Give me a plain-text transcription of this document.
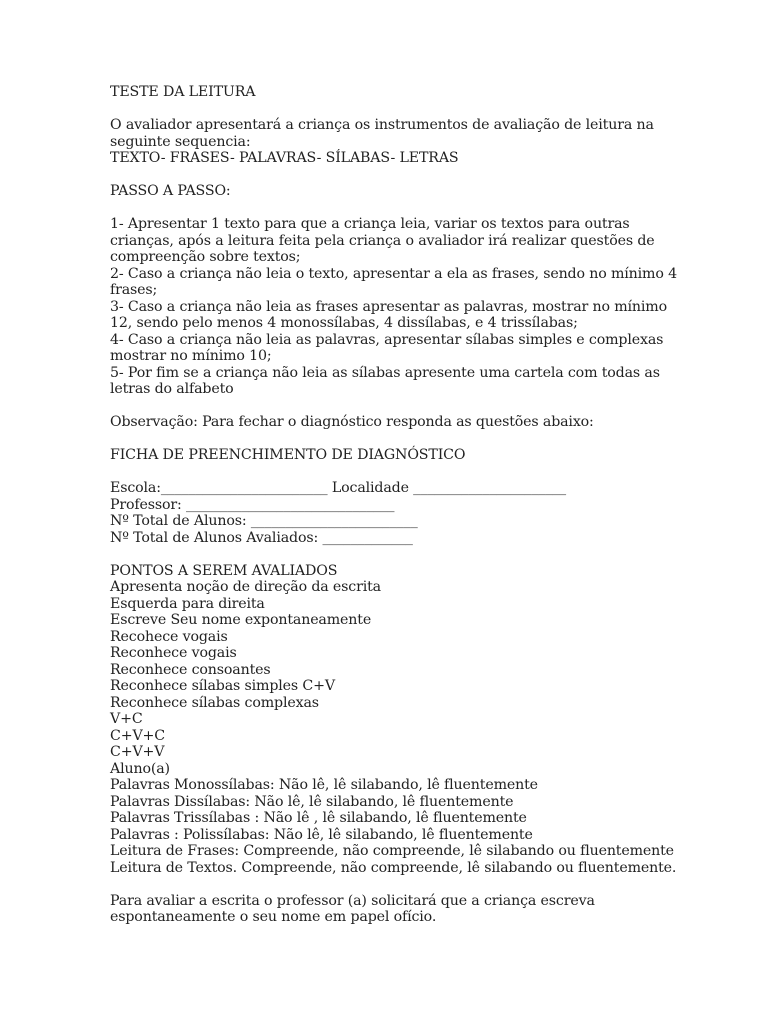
TESTE DA LEITURA
O avaliador apresentará a criança os instrumentos de avaliação de leitura na
seguinte sequencia:
TEXTO- FRASES- PALAVRAS- SÍLABAS- LETRAS
PASSO A PASSO:
1- Apresentar 1 texto para que a criança leia, variar os textos para outras
crianças, após a leitura feita pela criança o avaliador irá realizar questões de
compreenção sobre textos;
2- Caso a criança não leia o texto, apresentar a ela as frases, sendo no mínimo 4
frases;
3- Caso a criança não leia as frases apresentar as palavras, mostrar no mínimo
12, sendo pelo menos 4 monossílabas, 4 dissílabas, e 4 trissílabas;
4- Caso a criança não leia as palavras, apresentar sílabas simples e complexas
mostrar no mínimo 10;
5- Por fim se a criança não leia as sílabas apresente uma cartela com todas as
letras do alfabeto
Observação: Para fechar o diagnóstico responda as questões abaixo:
FICHA DE PREENCHIMENTO DE DIAGNÓSTICO
Escola:________________________ Localidade ______________________
Professor: ______________________________
Nº Total de Alunos: ________________________
Nº Total de Alunos Avaliados: _____________
PONTOS A SEREM AVALIADOS
Apresenta noção de direção da escrita
Esquerda para direita
Escreve Seu nome expontaneamente
Recohece vogais
Reconhece vogais
Reconhece consoantes
Reconhece sílabas simples C+V
Reconhece sílabas complexas
V+C
C+V+C
C+V+V
Aluno(a)
Palavras Monossílabas: Não lê, lê silabando, lê fluentemente
Palavras Dissílabas: Não lê, lê silabando, lê fluentemente
Palavras Trissílabas : Não lê , lê silabando, lê fluentemente
Palavras : Polissílabas: Não lê, lê silabando, lê fluentemente
Leitura de Frases: Compreende, não compreende, lê silabando ou fluentemente
Leitura de Textos. Compreende, não compreende, lê silabando ou fluentemente.
Para avaliar a escrita o professor (a) solicitará que a criança escreva
espontaneamente o seu nome em papel ofício.
